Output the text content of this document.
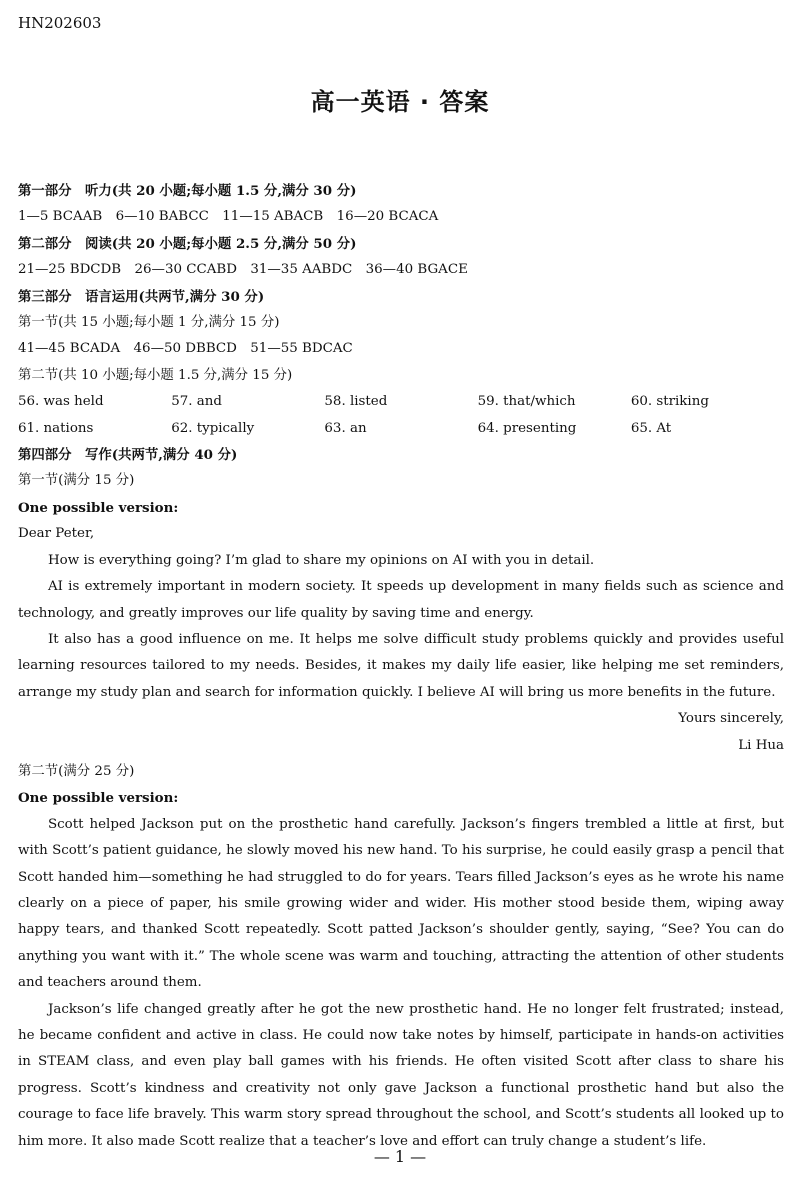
HN202603
高一英语 · 答案
第一部分　听力(共 20 小题;每小题 1.5 分,满分 30 分)
1—5 BCAAB　6—10 BABCC　11—15 ABACB　16—20 BCACA
第二部分　阅读(共 20 小题;每小题 2.5 分,满分 50 分)
21—25 BDCDB　26—30 CCABD　31—35 AABDC　36—40 BGACE
第三部分　语言运用(共两节,满分 30 分)
第一节(共 15 小题;每小题 1 分,满分 15 分)
41—45 BCADA　46—50 DBBCD　51—55 BDCAC
第二节(共 10 小题;每小题 1.5 分,满分 15 分)
56. was held	57. and	58. listed	59. that/which	60. striking
61. nations	62. typically	63. an	64. presenting	65. At
第四部分　写作(共两节,满分 40 分)
第一节(满分 15 分)
One possible version:
Dear Peter,
How is everything going? I’m glad to share my opinions on AI with you in detail.
AI is extremely important in modern society. It speeds up development in many fields such as science and technology, and greatly improves our life quality by saving time and energy.
It also has a good influence on me. It helps me solve difficult study problems quickly and provides useful learning resources tailored to my needs. Besides, it makes my daily life easier, like helping me set reminders, arrange my study plan and search for information quickly. I believe AI will bring us more benefits in the future.
Yours sincerely,
Li Hua
第二节(满分 25 分)
One possible version:
Scott helped Jackson put on the prosthetic hand carefully. Jackson’s fingers trembled a little at first, but with Scott’s patient guidance, he slowly moved his new hand. To his surprise, he could easily grasp a pencil that Scott handed him—something he had struggled to do for years. Tears filled Jackson’s eyes as he wrote his name clearly on a piece of paper, his smile growing wider and wider. His mother stood beside them, wiping away happy tears, and thanked Scott repeatedly. Scott patted Jackson’s shoulder gently, saying, “See? You can do anything you want with it.” The whole scene was warm and touching, attracting the attention of other students and teachers around them.
Jackson’s life changed greatly after he got the new prosthetic hand. He no longer felt frustrated; instead, he became confident and active in class. He could now take notes by himself, participate in hands-on activities in STEAM class, and even play ball games with his friends. He often visited Scott after class to share his progress. Scott’s kindness and creativity not only gave Jackson a functional prosthetic hand but also the courage to face life bravely. This warm story spread throughout the school, and Scott’s students all looked up to him more. It also made Scott realize that a teacher’s love and effort can truly change a student’s life.
— 1 —
